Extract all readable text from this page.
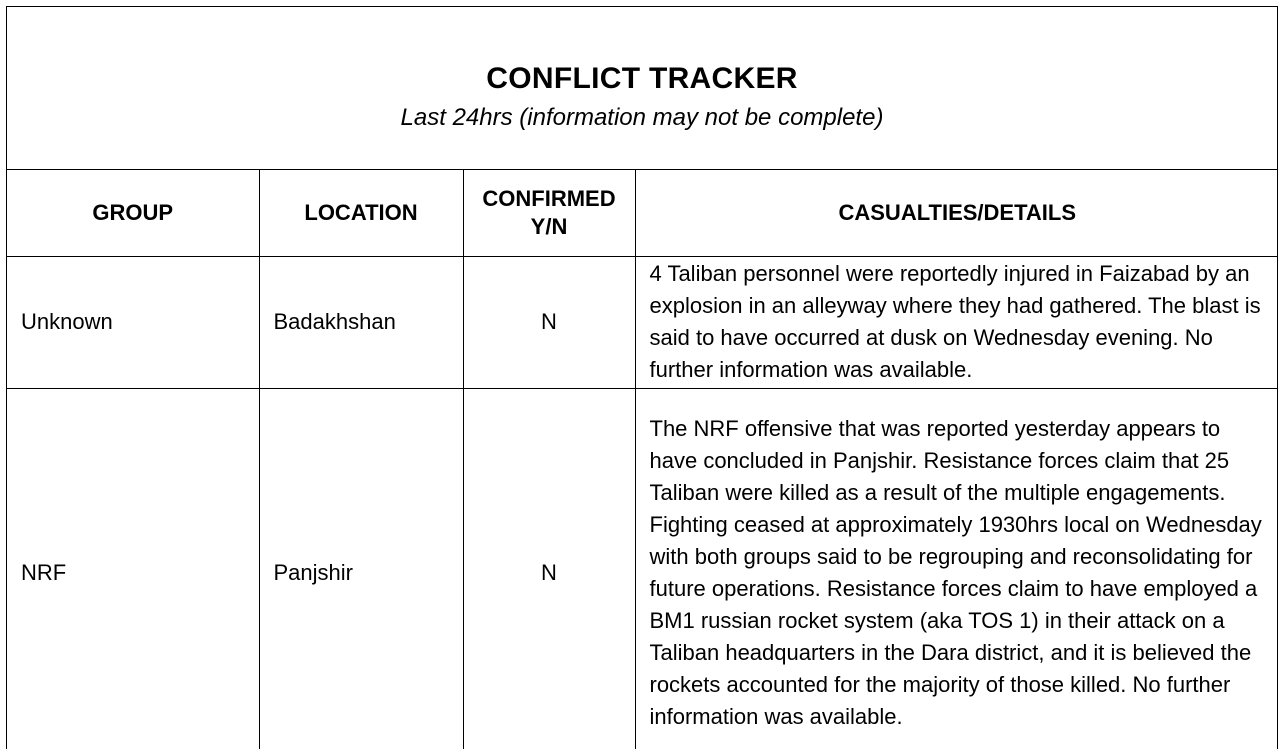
CONFLICT TRACKER
Last 24hrs (information may not be complete)
GROUP	LOCATION	CONFIRMED Y/N	CASUALTIES/DETAILS
Unknown	Badakhshan	N	4 Taliban personnel were reportedly injured in Faizabad by an explosion in an alleyway where they had gathered. The blast is said to have occurred at dusk on Wednesday evening. No further information was available.
NRF	Panjshir	N	The NRF offensive that was reported yesterday appears to have concluded in Panjshir. Resistance forces claim that 25 Taliban were killed as a result of the multiple engagements. Fighting ceased at approximately 1930hrs local on Wednesday with both groups said to be regrouping and reconsolidating for future operations. Resistance forces claim to have employed a BM1 russian rocket system (aka TOS 1) in their attack on a Taliban headquarters in the Dara district, and it is believed the rockets accounted for the majority of those killed. No further information was available.
